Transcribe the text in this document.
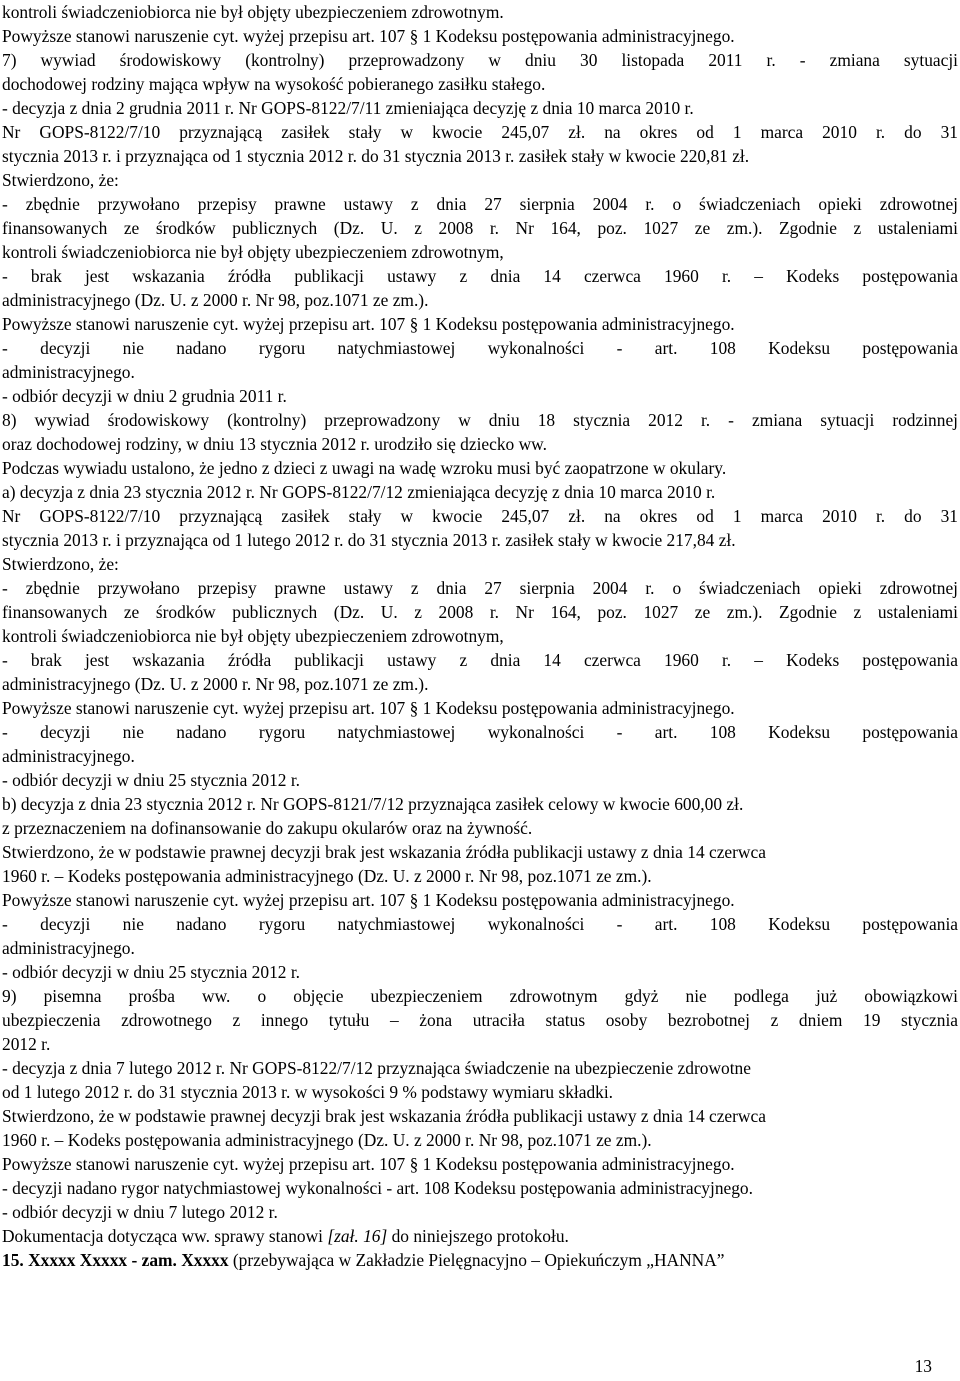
kontroli świadczeniobiorca nie był objęty ubezpieczeniem zdrowotnym.
Powyższe stanowi naruszenie cyt. wyżej przepisu art. 107 § 1 Kodeksu postępowania administracyjnego.
7) wywiad środowiskowy (kontrolny) przeprowadzony w dniu 30 listopada 2011 r. - zmiana sytuacji
dochodowej rodziny mająca wpływ na wysokość pobieranego zasiłku stałego.
- decyzja z dnia 2 grudnia 2011 r. Nr GOPS-8122/7/11 zmieniająca decyzję z dnia 10 marca 2010 r.
Nr GOPS-8122/7/10 przyznającą zasiłek stały w kwocie 245,07 zł. na okres od 1 marca 2010 r. do 31
stycznia 2013 r. i przyznająca od 1 stycznia 2012 r. do 31 stycznia 2013 r. zasiłek stały w kwocie 220,81 zł.
Stwierdzono, że:
- zbędnie przywołano przepisy prawne ustawy z dnia 27 sierpnia 2004 r. o świadczeniach opieki zdrowotnej
finansowanych ze środków publicznych (Dz. U. z 2008 r. Nr 164, poz. 1027 ze zm.). Zgodnie z ustaleniami
kontroli świadczeniobiorca nie był objęty ubezpieczeniem zdrowotnym,
- brak jest wskazania źródła publikacji ustawy z dnia 14 czerwca 1960 r. – Kodeks postępowania
administracyjnego (Dz. U. z 2000 r. Nr 98, poz.1071 ze zm.).
Powyższe stanowi naruszenie cyt. wyżej przepisu art. 107 § 1 Kodeksu postępowania administracyjnego.
- decyzji nie nadano rygoru natychmiastowej wykonalności - art. 108 Kodeksu postępowania
administracyjnego.
- odbiór decyzji w dniu 2 grudnia 2011 r.
8) wywiad środowiskowy (kontrolny) przeprowadzony w dniu 18 stycznia 2012 r. - zmiana sytuacji rodzinnej
oraz dochodowej rodziny, w dniu 13 stycznia 2012 r. urodziło się dziecko ww.
Podczas wywiadu ustalono, że jedno z dzieci z uwagi na wadę wzroku musi być zaopatrzone w okulary.
a) decyzja z dnia 23 stycznia 2012 r. Nr GOPS-8122/7/12 zmieniająca decyzję z dnia 10 marca 2010 r.
Nr GOPS-8122/7/10 przyznającą zasiłek stały w kwocie 245,07 zł. na okres od 1 marca 2010 r. do 31
stycznia 2013 r. i przyznająca od 1 lutego 2012 r. do 31 stycznia 2013 r. zasiłek stały w kwocie 217,84 zł.
Stwierdzono, że:
- zbędnie przywołano przepisy prawne ustawy z dnia 27 sierpnia 2004 r. o świadczeniach opieki zdrowotnej
finansowanych ze środków publicznych (Dz. U. z 2008 r. Nr 164, poz. 1027 ze zm.). Zgodnie z ustaleniami
kontroli świadczeniobiorca nie był objęty ubezpieczeniem zdrowotnym,
- brak jest wskazania źródła publikacji ustawy z dnia 14 czerwca 1960 r. – Kodeks postępowania
administracyjnego (Dz. U. z 2000 r. Nr 98, poz.1071 ze zm.).
Powyższe stanowi naruszenie cyt. wyżej przepisu art. 107 § 1 Kodeksu postępowania administracyjnego.
- decyzji nie nadano rygoru natychmiastowej wykonalności - art. 108 Kodeksu postępowania
administracyjnego.
- odbiór decyzji w dniu 25 stycznia 2012 r.
b) decyzja z dnia 23 stycznia 2012 r. Nr GOPS-8121/7/12 przyznająca zasiłek celowy w kwocie 600,00 zł.
z przeznaczeniem na dofinansowanie do zakupu okularów oraz na żywność.
Stwierdzono, że w podstawie prawnej decyzji brak jest wskazania źródła publikacji ustawy z dnia 14 czerwca
1960 r. – Kodeks postępowania administracyjnego (Dz. U. z 2000 r. Nr 98, poz.1071 ze zm.).
Powyższe stanowi naruszenie cyt. wyżej przepisu art. 107 § 1 Kodeksu postępowania administracyjnego.
- decyzji nie nadano rygoru natychmiastowej wykonalności - art. 108 Kodeksu postępowania
administracyjnego.
- odbiór decyzji w dniu 25 stycznia 2012 r.
9) pisemna prośba ww. o objęcie ubezpieczeniem zdrowotnym gdyż nie podlega już obowiązkowi
ubezpieczenia zdrowotnego z innego tytułu – żona utraciła status osoby bezrobotnej z dniem 19 stycznia
2012 r.
- decyzja z dnia 7 lutego 2012 r. Nr GOPS-8122/7/12 przyznająca świadczenie na ubezpieczenie zdrowotne
od 1 lutego 2012 r. do 31 stycznia 2013 r. w wysokości 9 % podstawy wymiaru składki.
Stwierdzono, że w podstawie prawnej decyzji brak jest wskazania źródła publikacji ustawy z dnia 14 czerwca
1960 r. – Kodeks postępowania administracyjnego (Dz. U. z 2000 r. Nr 98, poz.1071 ze zm.).
Powyższe stanowi naruszenie cyt. wyżej przepisu art. 107 § 1 Kodeksu postępowania administracyjnego.
- decyzji nadano rygor natychmiastowej wykonalności - art. 108 Kodeksu postępowania administracyjnego.
- odbiór decyzji w dniu 7 lutego 2012 r.
Dokumentacja dotycząca ww. sprawy stanowi [zał. 16] do niniejszego protokołu.
15. Xxxxx Xxxxx - zam. Xxxxx (przebywająca w Zakładzie Pielęgnacyjno – Opiekuńczym „HANNA”
13
